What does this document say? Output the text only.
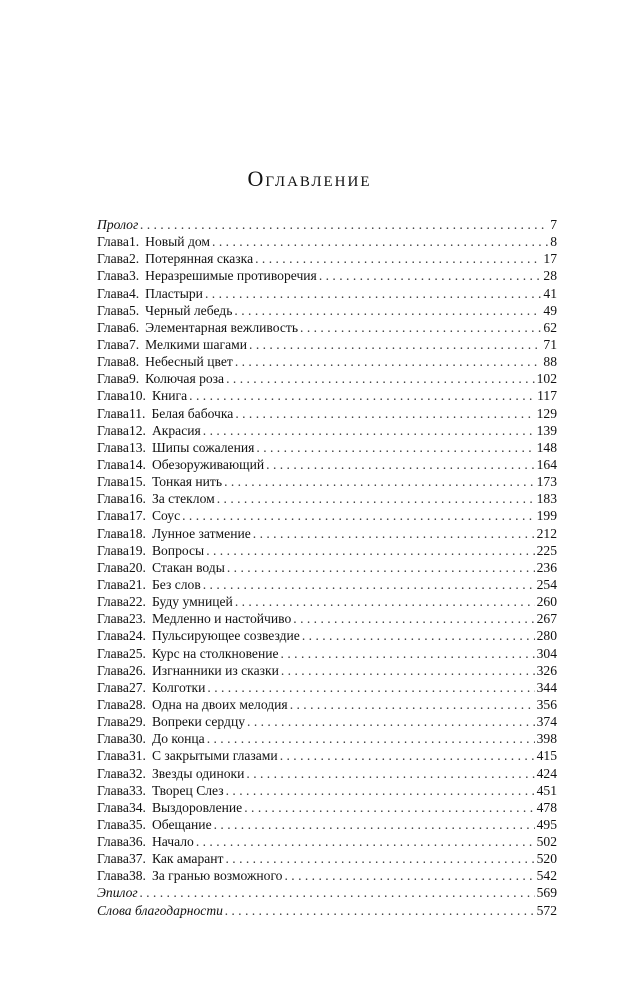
Оглавление
Пролог . . .	7
Глава 1. Новый дом . . .	8
Глава 2. Потерянная сказка . . .	17
Глава 3. Неразрешимые противоречия . . .	28
Глава 4. Пластыри . . .	41
Глава 5. Черный лебедь . . .	49
Глава 6. Элементарная вежливость . . .	62
Глава 7. Мелкими шагами . . .	71
Глава 8. Небесный цвет . . .	88
Глава 9. Колючая роза . . .	102
Глава 10. Книга . . .	117
Глава 11. Белая бабочка . . .	129
Глава 12. Акрасия . . .	139
Глава 13. Шипы сожаления . . .	148
Глава 14. Обезоруживающий . . .	164
Глава 15. Тонкая нить . . .	173
Глава 16. За стеклом . . .	183
Глава 17. Соус . . .	199
Глава 18. Лунное затмение . . .	212
Глава 19. Вопросы . . .	225
Глава 20. Стакан воды . . .	236
Глава 21. Без слов . . .	254
Глава 22. Буду умницей . . .	260
Глава 23. Медленно и настойчиво . . .	267
Глава 24. Пульсирующее созвездие . . .	280
Глава 25. Курс на столкновение . . .	304
Глава 26. Изгнанники из сказки . . .	326
Глава 27. Колготки . . .	344
Глава 28. Одна на двоих мелодия . . .	356
Глава 29. Вопреки сердцу . . .	374
Глава 30. До конца . . .	398
Глава 31. С закрытыми глазами . . .	415
Глава 32. Звезды одиноки . . .	424
Глава 33. Творец Слез . . .	451
Глава 34. Выздоровление . . .	478
Глава 35. Обещание . . .	495
Глава 36. Начало . . .	502
Глава 37. Как амарант . . .	520
Глава 38. За гранью возможного . . .	542
Эпилог . . .	569
Слова благодарности . . .	572
